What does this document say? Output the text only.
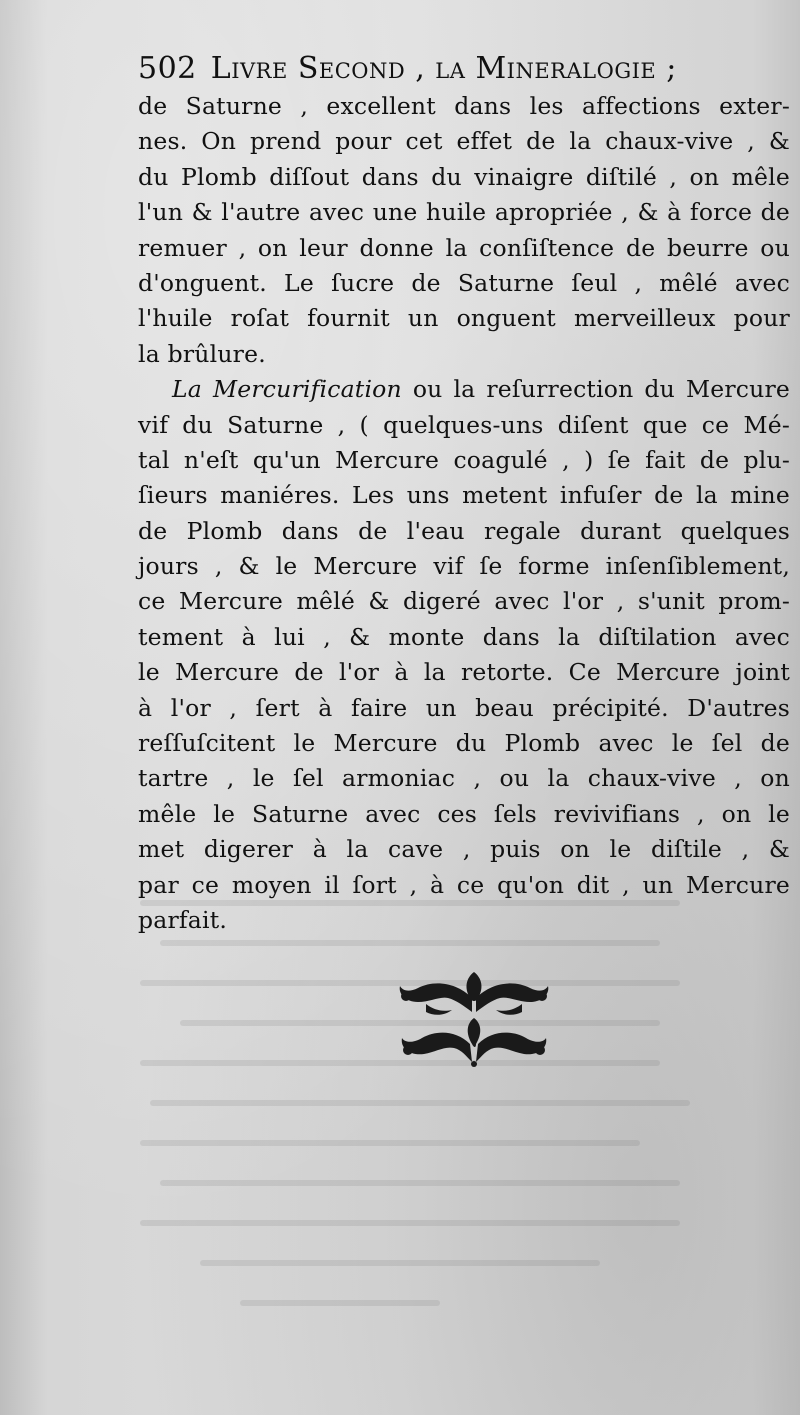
502 Livre Second , la Mineralogie ;
de Saturne , excellent dans les affections exter-
nes. On prend pour cet effet de la chaux-vive , &
du Plomb diſſout dans du vinaigre diſtilé , on mêle
l'un & l'autre avec une huile apropriée , & à force de
remuer , on leur donne la conſiſtence de beurre ou
d'onguent. Le ſucre de Saturne ſeul , mêlé avec
l'huile roſat fournit un onguent merveilleux pour
la brûlure.
La Mercurification ou la reſurrection du Mercure
vif du Saturne , ( quelques-uns diſent que ce Mé-
tal n'eſt qu'un Mercure coagulé , ) ſe fait de plu-
ſieurs maniéres. Les uns metent infuſer de la mine
de Plomb dans de l'eau regale durant quelques
jours , & le Mercure vif ſe forme inſenſiblement,
ce Mercure mêlé & digeré avec l'or , s'unit prom-
tement à lui , & monte dans la diſtilation avec
le Mercure de l'or à la retorte. Ce Mercure joint
à l'or , ſert à faire un beau précipité. D'autres
reſſuſcitent le Mercure du Plomb avec le ſel de
tartre , le ſel armoniac , ou la chaux-vive , on
mêle le Saturne avec ces ſels revivifians , on le
met digerer à la cave , puis on le diſtile , &
par ce moyen il ſort , à ce qu'on dit , un Mercure
parfait.
